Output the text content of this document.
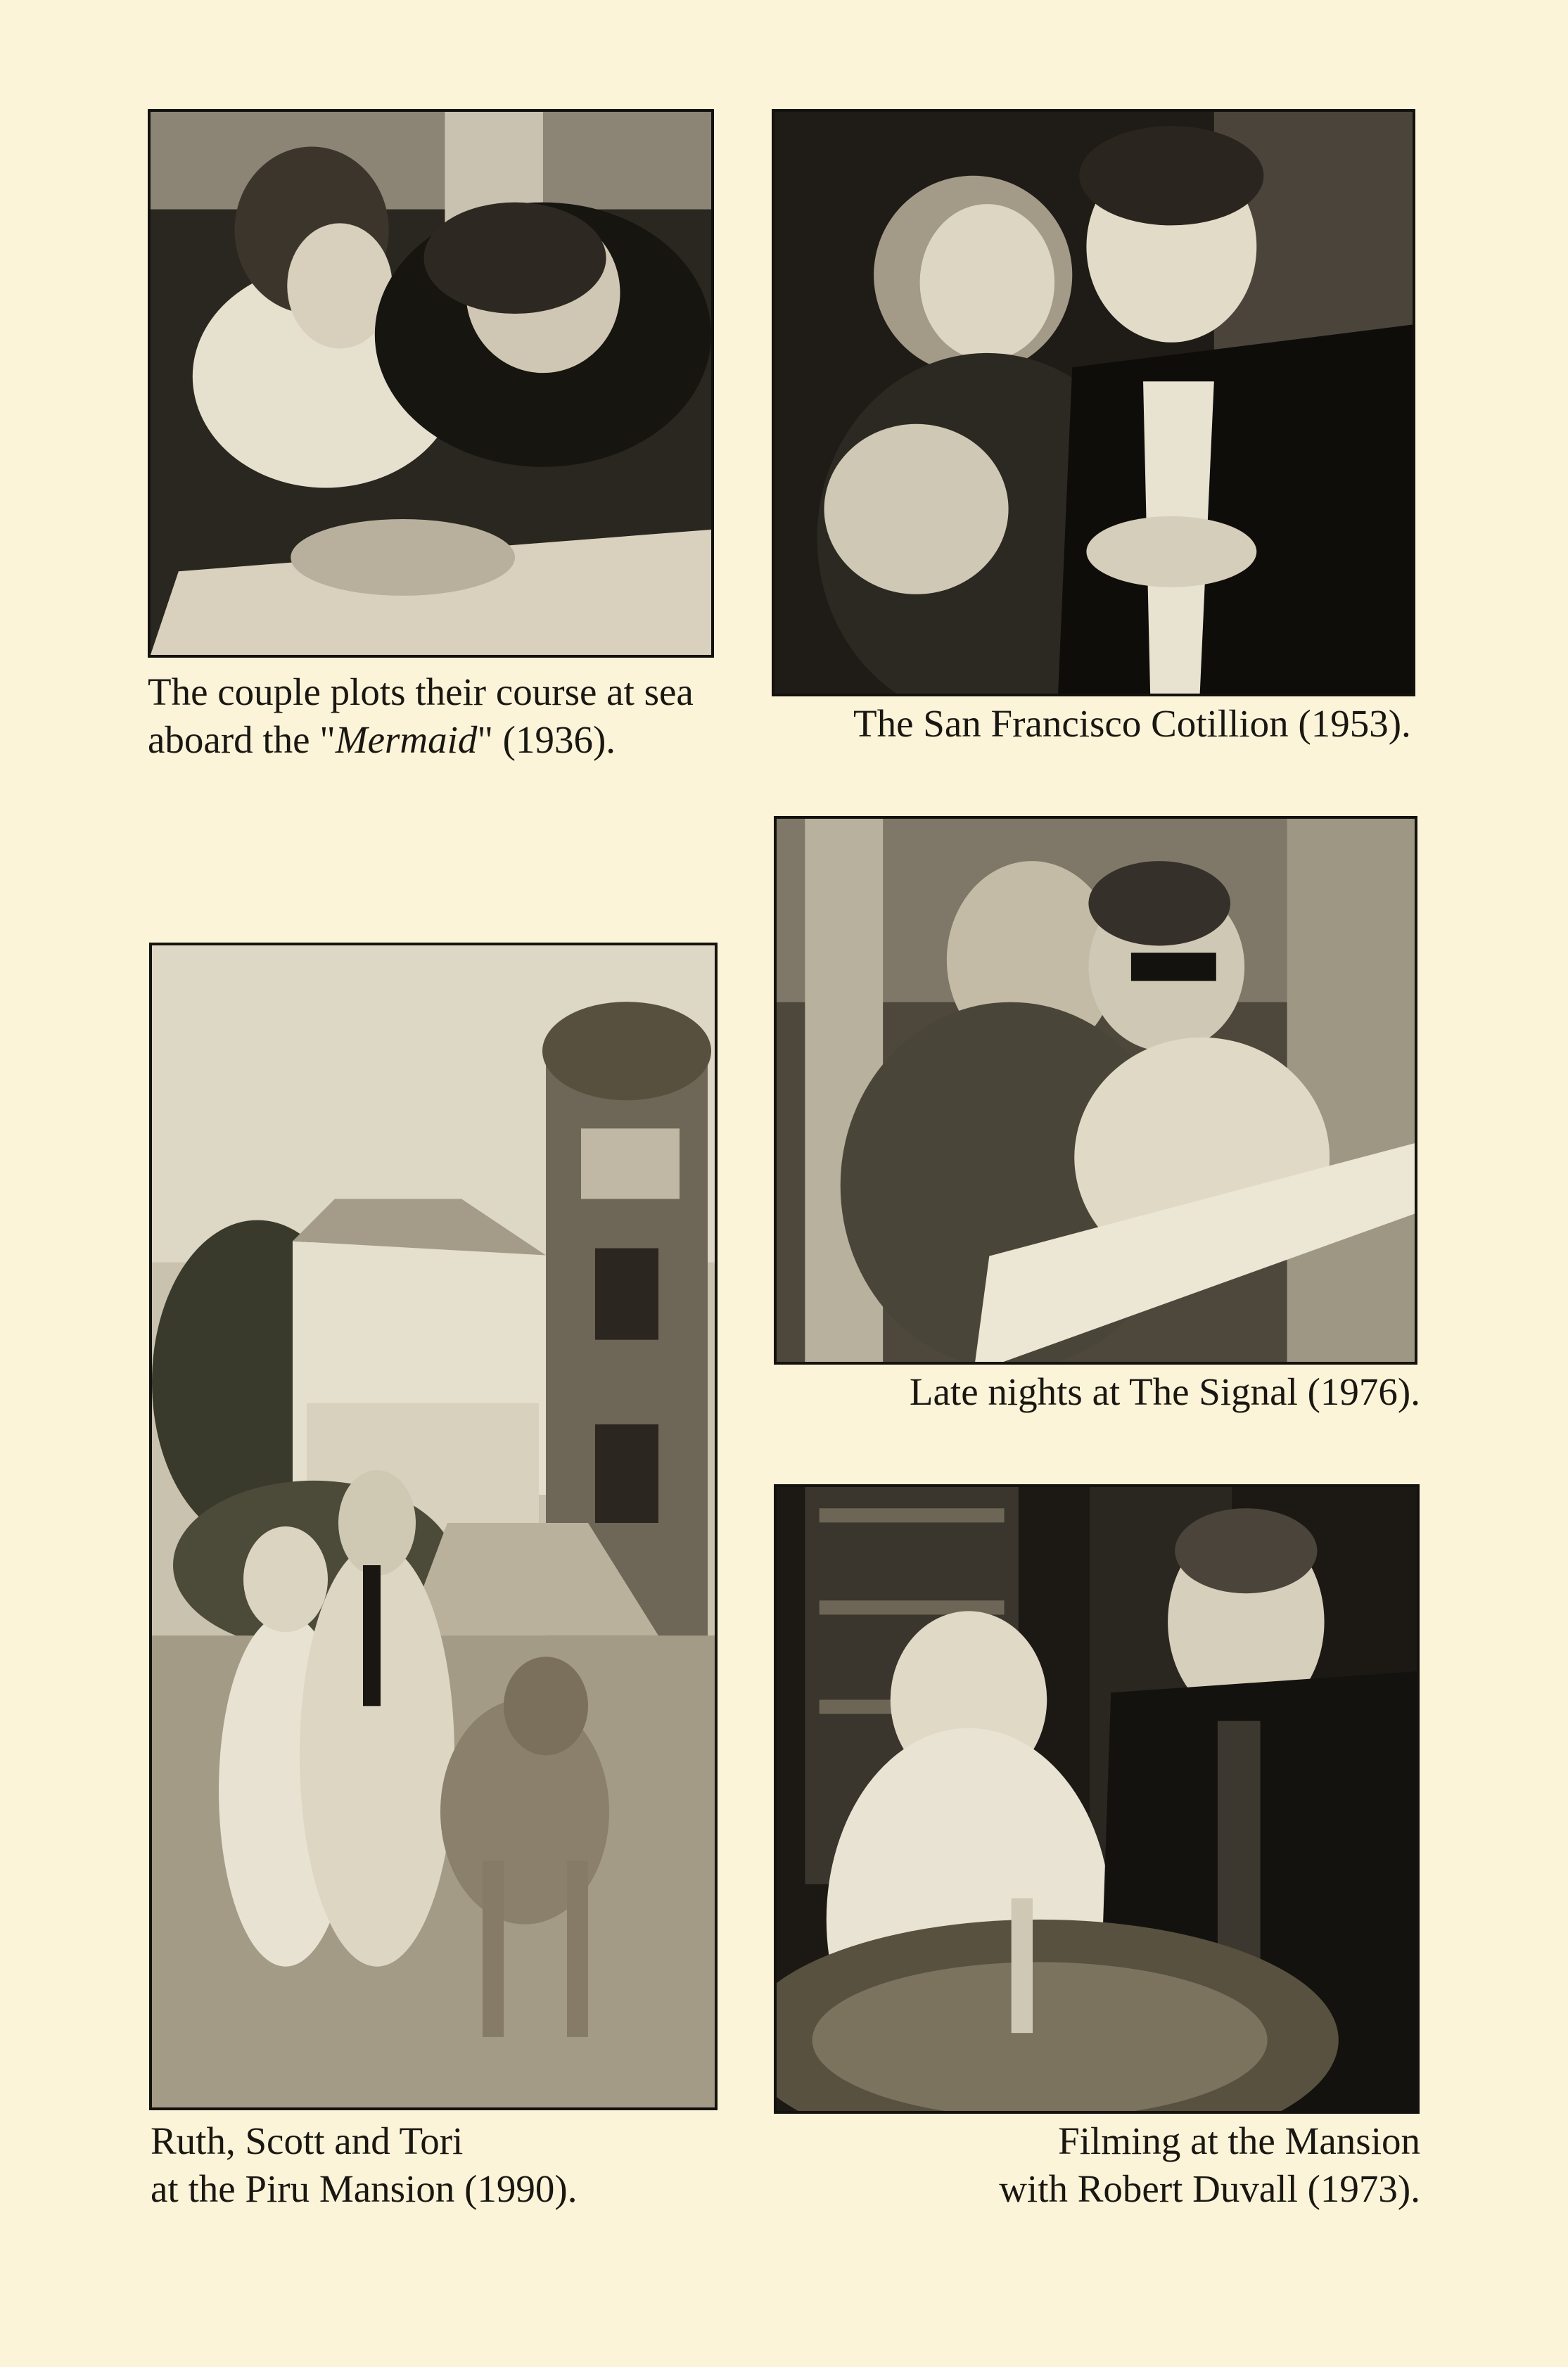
The couple plots their course at sea
aboard the "Mermaid" (1936).	The San Francisco Cotillion (1953).
Ruth, Scott and Tori
at the Piru Mansion (1990).
Late nights at The Signal (1976).
Filming at the Mansion
with Robert Duvall (1973).
